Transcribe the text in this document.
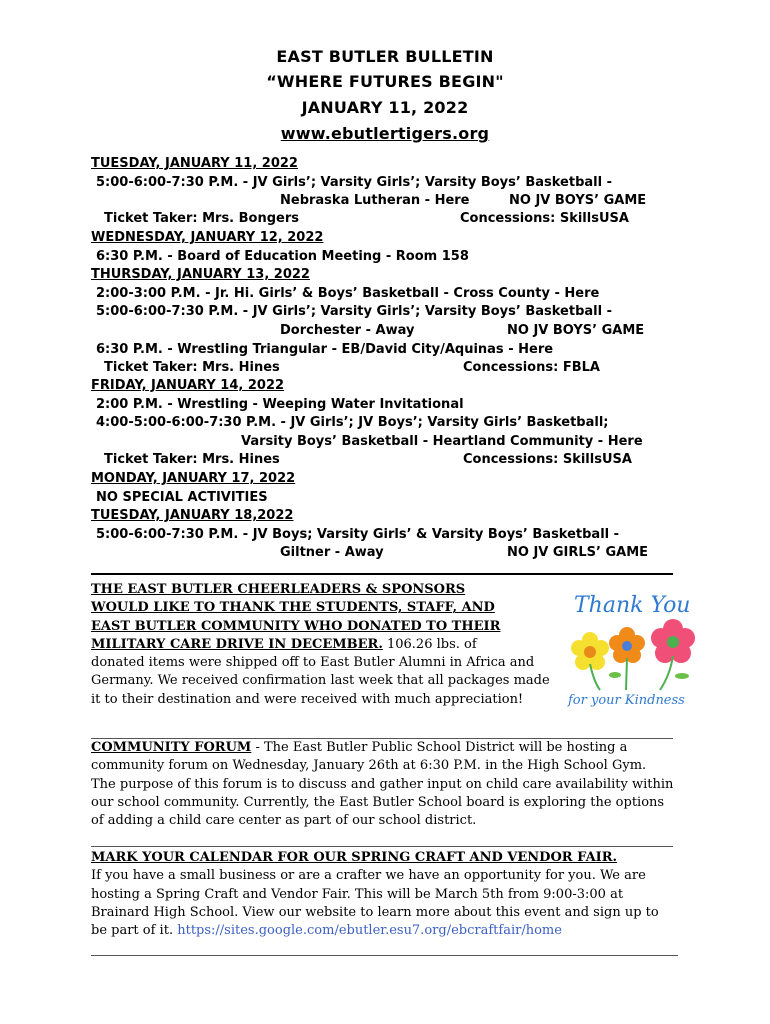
EAST BUTLER BULLETIN
“WHERE FUTURES BEGIN"
JANUARY 11, 2022
www.ebutlertigers.org
TUESDAY, JANUARY 11, 2022
5:00-6:00-7:30 P.M. - JV Girls’; Varsity Girls’; Varsity Boys’ Basketball -
Nebraska Lutheran - Here	NO JV BOYS’ GAME
Ticket Taker: Mrs. Bongers	Concessions: SkillsUSA
WEDNESDAY, JANUARY 12, 2022
6:30 P.M. - Board of Education Meeting - Room 158
THURSDAY, JANUARY 13, 2022
2:00-3:00 P.M. - Jr. Hi. Girls’ & Boys’ Basketball - Cross County - Here
5:00-6:00-7:30 P.M. - JV Girls’; Varsity Girls’; Varsity Boys’ Basketball -
Dorchester - Away	NO JV BOYS’ GAME
6:30 P.M. - Wrestling Triangular - EB/David City/Aquinas - Here
Ticket Taker: Mrs. Hines	Concessions: FBLA
FRIDAY, JANUARY 14, 2022
2:00 P.M. - Wrestling - Weeping Water Invitational
4:00-5:00-6:00-7:30 P.M. - JV Girls’; JV Boys’; Varsity Girls’ Basketball;
Varsity Boys’ Basketball - Heartland Community - Here
Ticket Taker: Mrs. Hines	Concessions: SkillsUSA
MONDAY, JANUARY 17, 2022
NO SPECIAL ACTIVITIES
TUESDAY, JANUARY 18,2022
5:00-6:00-7:30 P.M. - JV Boys; Varsity Girls’ & Varsity Boys’ Basketball -
Giltner - Away	NO JV GIRLS’ GAME
THE EAST BUTLER CHEERLEADERS & SPONSORS
WOULD LIKE TO THANK THE STUDENTS, STAFF, AND
EAST BUTLER COMMUNITY WHO DONATED TO THEIR
MILITARY CARE DRIVE IN DECEMBER. 106.26 lbs. of
donated items were shipped off to East Butler Alumni in Africa and
Germany. We received confirmation last week that all packages made
it to their destination and were received with much appreciation!
Thank You
for your Kindness
COMMUNITY FORUM - The East Butler Public School District will be hosting a
community forum on Wednesday, January 26th at 6:30 P.M. in the High School Gym.
The purpose of this forum is to discuss and gather input on child care availability within
our school community. Currently, the East Butler School board is exploring the options
of adding a child care center as part of our school district.
MARK YOUR CALENDAR FOR OUR SPRING CRAFT AND VENDOR FAIR.
If you have a small business or are a crafter we have an opportunity for you. We are
hosting a Spring Craft and Vendor Fair. This will be March 5th from 9:00-3:00 at
Brainard High School. View our website to learn more about this event and sign up to
be part of it. https://sites.google.com/ebutler.esu7.org/ebcraftfair/home
